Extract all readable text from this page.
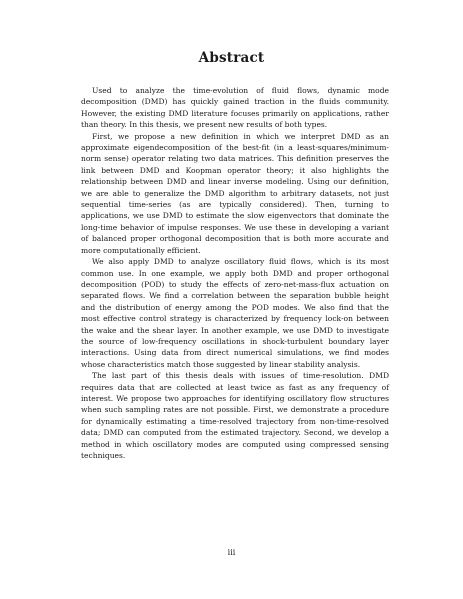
Abstract

Used to analyze the time-evolution of fluid flows, dynamic mode decomposition (DMD) has quickly gained traction in the fluids community. However, the existing DMD literature focuses primarily on applications, rather than theory. In this thesis, we present new results of both types.

First, we propose a new definition in which we interpret DMD as an approximate eigendecomposition of the best-fit (in a least-squares/minimum-norm sense) operator relating two data matrices. This definition preserves the link between DMD and Koopman operator theory; it also highlights the relationship between DMD and linear inverse modeling. Using our definition, we are able to generalize the DMD algorithm to arbitrary datasets, not just sequential time-series (as are typically considered). Then, turning to applications, we use DMD to estimate the slow eigenvectors that dominate the long-time behavior of impulse responses. We use these in developing a variant of balanced proper orthogonal decomposition that is both more accurate and more computationally efficient.

We also apply DMD to analyze oscillatory fluid flows, which is its most common use. In one example, we apply both DMD and proper orthogonal decomposition (POD) to study the effects of zero-net-mass-flux actuation on separated flows. We find a correlation between the separation bubble height and the distribution of energy among the POD modes. We also find that the most effective control strategy is characterized by frequency lock-on between the wake and the shear layer. In another example, we use DMD to investigate the source of low-frequency oscillations in shock-turbulent boundary layer interactions. Using data from direct numerical simulations, we find modes whose characteristics match those suggested by linear stability analysis.

The last part of this thesis deals with issues of time-resolution. DMD requires data that are collected at least twice as fast as any frequency of interest. We propose two approaches for identifying oscillatory flow structures when such sampling rates are not possible. First, we demonstrate a procedure for dynamically estimating a time-resolved trajectory from non-time-resolved data; DMD can computed from the estimated trajectory. Second, we develop a method in which oscillatory modes are computed using compressed sensing techniques.

iii
